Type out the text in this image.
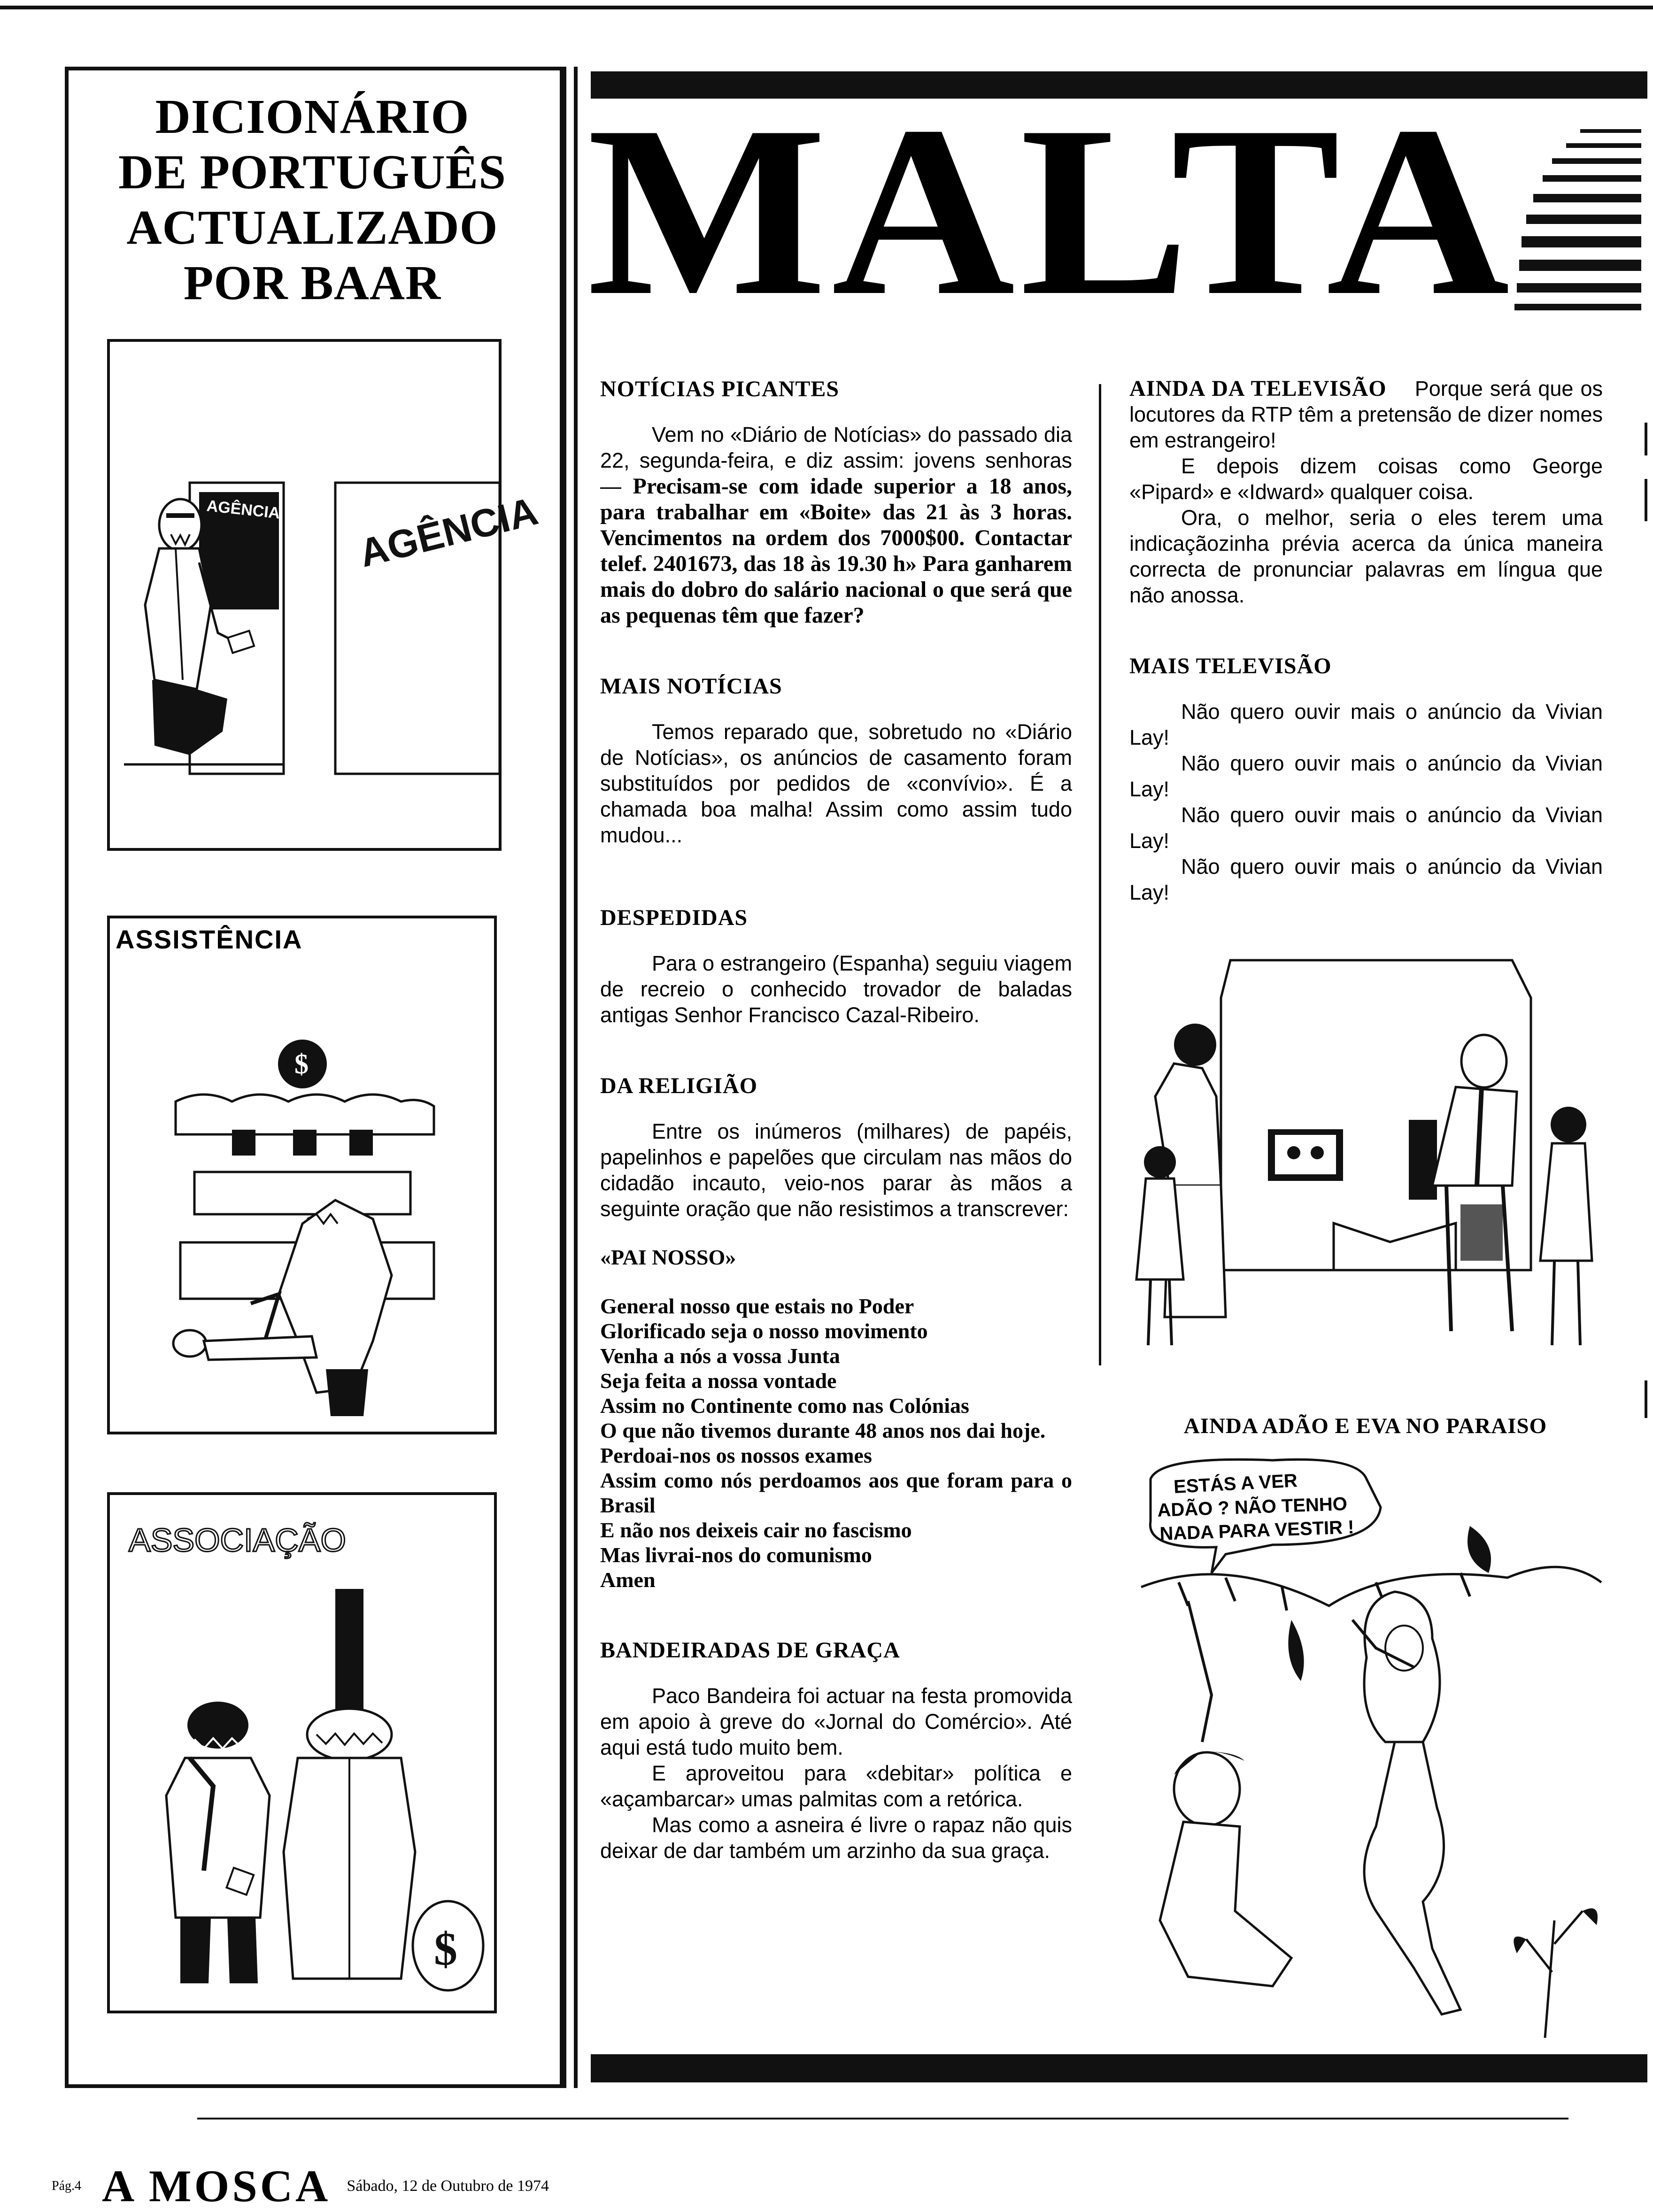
DICIONÁRIO
DE PORTUGUÊS
ACTUALIZADO
POR BAAR
AGÊNCIA AGÊNCIA
$
ASSISTÊNCIA
ASSOCIAÇÃO
$
MALTA
NOTÍCIAS PICANTES

Vem no «Diário de Notícias» do passado dia 22, segunda-feira, e diz assim: jovens senhoras — Precisam-se com idade superior a 18 anos, para trabalhar em «Boite» das 21 às 3 horas. Vencimentos na ordem dos 7000$00. Contactar telef. 2401673, das 18 às 19.30 h» Para ganharem mais do dobro do salário nacional o que será que as pequenas têm que fazer?

MAIS NOTÍCIAS

Temos reparado que, sobretudo no «Diário de Notícias», os anúncios de casamento foram substituídos por pedidos de «convívio». É a chamada boa malha! Assim como assim tudo mudou...

DESPEDIDAS

Para o estrangeiro (Espanha) seguiu viagem de recreio o conhecido trovador de baladas antigas Senhor Francisco Cazal-Ribeiro.

DA RELIGIÃO

Entre os inúmeros (milhares) de papéis, papelinhos e papelões que circulam nas mãos do cidadão incauto, veio-nos parar às mãos a seguinte oração que não resistimos a transcrever:

«PAI NOSSO»

General nosso que estais no Poder

Glorificado seja o nosso movimento

Venha a nós a vossa Junta

Seja feita a nossa vontade

Assim no Continente como nas Colónias

O que não tivemos durante 48 anos nos dai hoje.

Perdoai-nos os nossos exames

Assim como nós perdoamos aos que foram para o Brasil

E não nos deixeis cair no fascismo

Mas livrai-nos do comunismo

Amen

BANDEIRADAS DE GRAÇA

Paco Bandeira foi actuar na festa promovida em apoio à greve do «Jornal do Comércio». Até aqui está tudo muito bem.

E aproveitou para «debitar» política e «açambarcar» umas palmitas com a retórica.

Mas como a asneira é livre o rapaz não quis deixar de dar também um arzinho da sua graça.

AINDA DA TELEVISÃO Porque será que os locutores da RTP têm a pretensão de dizer nomes em estrangeiro!

E depois dizem coisas como George «Pipard» e «Idward» qualquer coisa.

Ora, o melhor, seria o eles terem uma indicaçãozinha prévia acerca da única maneira correcta de pronunciar palavras em língua que não anossa.

MAIS TELEVISÃO

Não quero ouvir mais o anúncio da Vivian Lay!

Não quero ouvir mais o anúncio da Vivian Lay!

Não quero ouvir mais o anúncio da Vivian Lay!

Não quero ouvir mais o anúncio da Vivian Lay!

AINDA ADÃO E EVA NO PARAISO
ESTÁS A VER
ADÃO ? NÃO TENHO
NADA PARA VESTIR !
Pág.4 A MOSCA Sábado, 12 de Outubro de 1974
